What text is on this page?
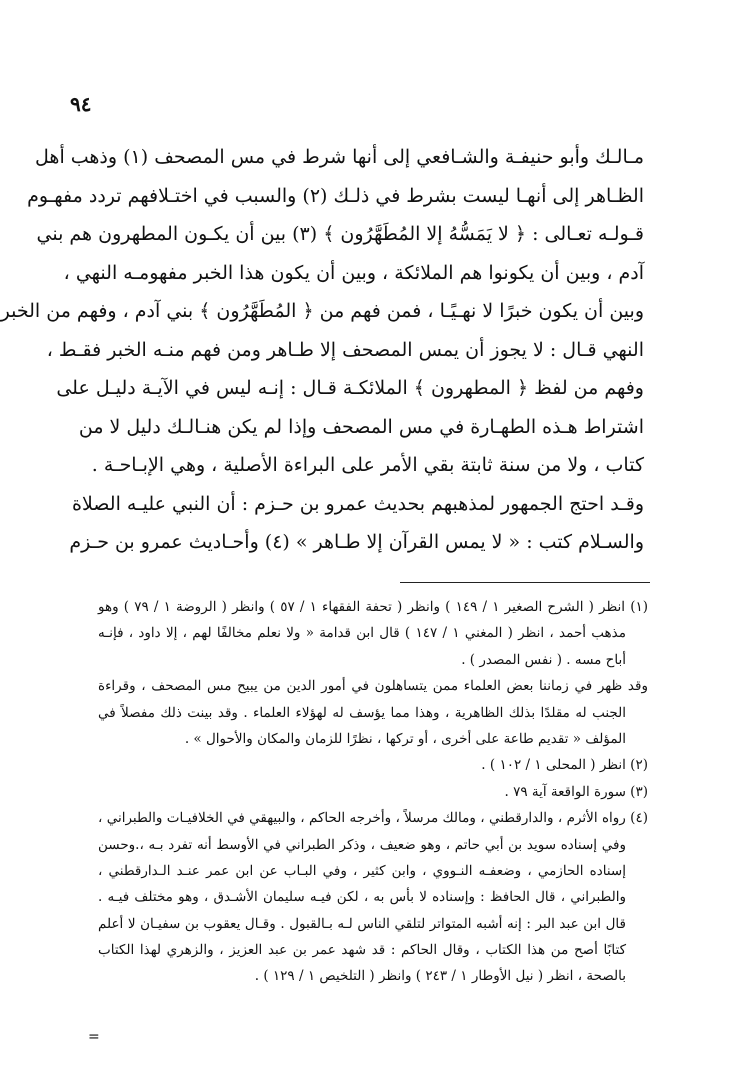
٩٤
مـالـك وأبو حنيفـة والشـافعي إلى أنها شرط في مس المصحف (١) وذهب أهل
الظـاهر إلى أنهـا ليست بشرط في ذلـك (٢) والسبب في اختـلافهم تردد مفهـوم
قـولـه تعـالى : ﴿ لا يَمَسُّهُ إلا المُطَهَّرُون ﴾ (٣) بين أن يكـون المطهرون هم بني
آدم ، وبين أن يكونوا هم الملائكة ، وبين أن يكون هذا الخبر مفهومـه النهي ،
وبين أن يكون خبرًا لا نهـيًـا ، فمن فهم من ﴿ المُطَهَّرُون ﴾ بني آدم ، وفهم من الخبر
النهي قـال : لا يجوز أن يمس المصحف إلا طـاهر ومن فهم منـه الخبر فقـط ،
وفهم من لفظ ﴿ المطهرون ﴾ الملائكـة قـال : إنـه ليس في الآيـة دليـل على
اشتراط هـذه الطهـارة في مس المصحف وإذا لم يكن هنـالـك دليل لا من
كتاب ، ولا من سنة ثابتة بقي الأمر على البراءة الأصلية ، وهي الإبـاحـة .
وقـد احتج الجمهور لمذهبهم بحديث عمرو بن حـزم : أن النبي عليـه الصلاة
والسـلام كتب : « لا يمس القرآن إلا طـاهر » (٤) وأحـاديث عمرو بن حـزم
(١) انظر ( الشرح الصغير ١ / ١٤٩ ) وانظر ( تحفة الفقهاء ١ / ٥٧ ) وانظر ( الروضة ١ / ٧٩ ) وهو
مذهب أحمد ، انظر ( المغني ١ / ١٤٧ ) قال ابن قدامة « ولا نعلم مخالفًا لهم ، إلا داود ، فإنـه
أباح مسه . ( نفس المصدر ) .
وقد ظهر في زماننا بعض العلماء ممن يتساهلون في أمور الدين من يبيح مس المصحف ، وقراءة
الجنب له مقلدًا بذلك الظاهرية ، وهذا مما يؤسف له لهؤلاء العلماء . وقد بينت ذلك مفصلاً في
المؤلف « تقديم طاعة على أخرى ، أو تركها ، نظرًا للزمان والمكان والأحوال » .
(٢) انظر ( المحلى ١ / ١٠٢ ) .
(٣) سورة الواقعة آية ٧٩ .
(٤) رواه الأثرم ، والدارقطني ، ومالك مرسلاً ، وأخرجه الحاكم ، والبيهقي في الخلافيـات والطبراني ،
وفي إسناده سويد بن أبي حاتم ، وهو ضعيف ، وذكر الطبراني في الأوسط أنه تفرد بـه ،.وحسن
إسناده الحازمي ، وضعفـه النـووي ، وابن كثير ، وفي البـاب عن ابن عمر عنـد الـدارقطني ،
والطبراني ، قال الحافظ : وإسناده لا بأس به ، لكن فيـه سليمان الأشـدق ، وهو مختلف فيـه .
قال ابن عبد البر : إنه أشبه المتواتر لتلقي الناس لـه بـالقبول . وقـال يعقوب بن سفيـان لا أعلم
كتابًا أصح من هذا الكتاب ، وقال الحاكم : قد شهد عمر بن عبد العزيز ، والزهري لهذا الكتاب
بالصحة ، انظر ( نيل الأوطار ١ / ٢٤٣ ) وانظر ( التلخيص ١ / ١٢٩ ) .
=
